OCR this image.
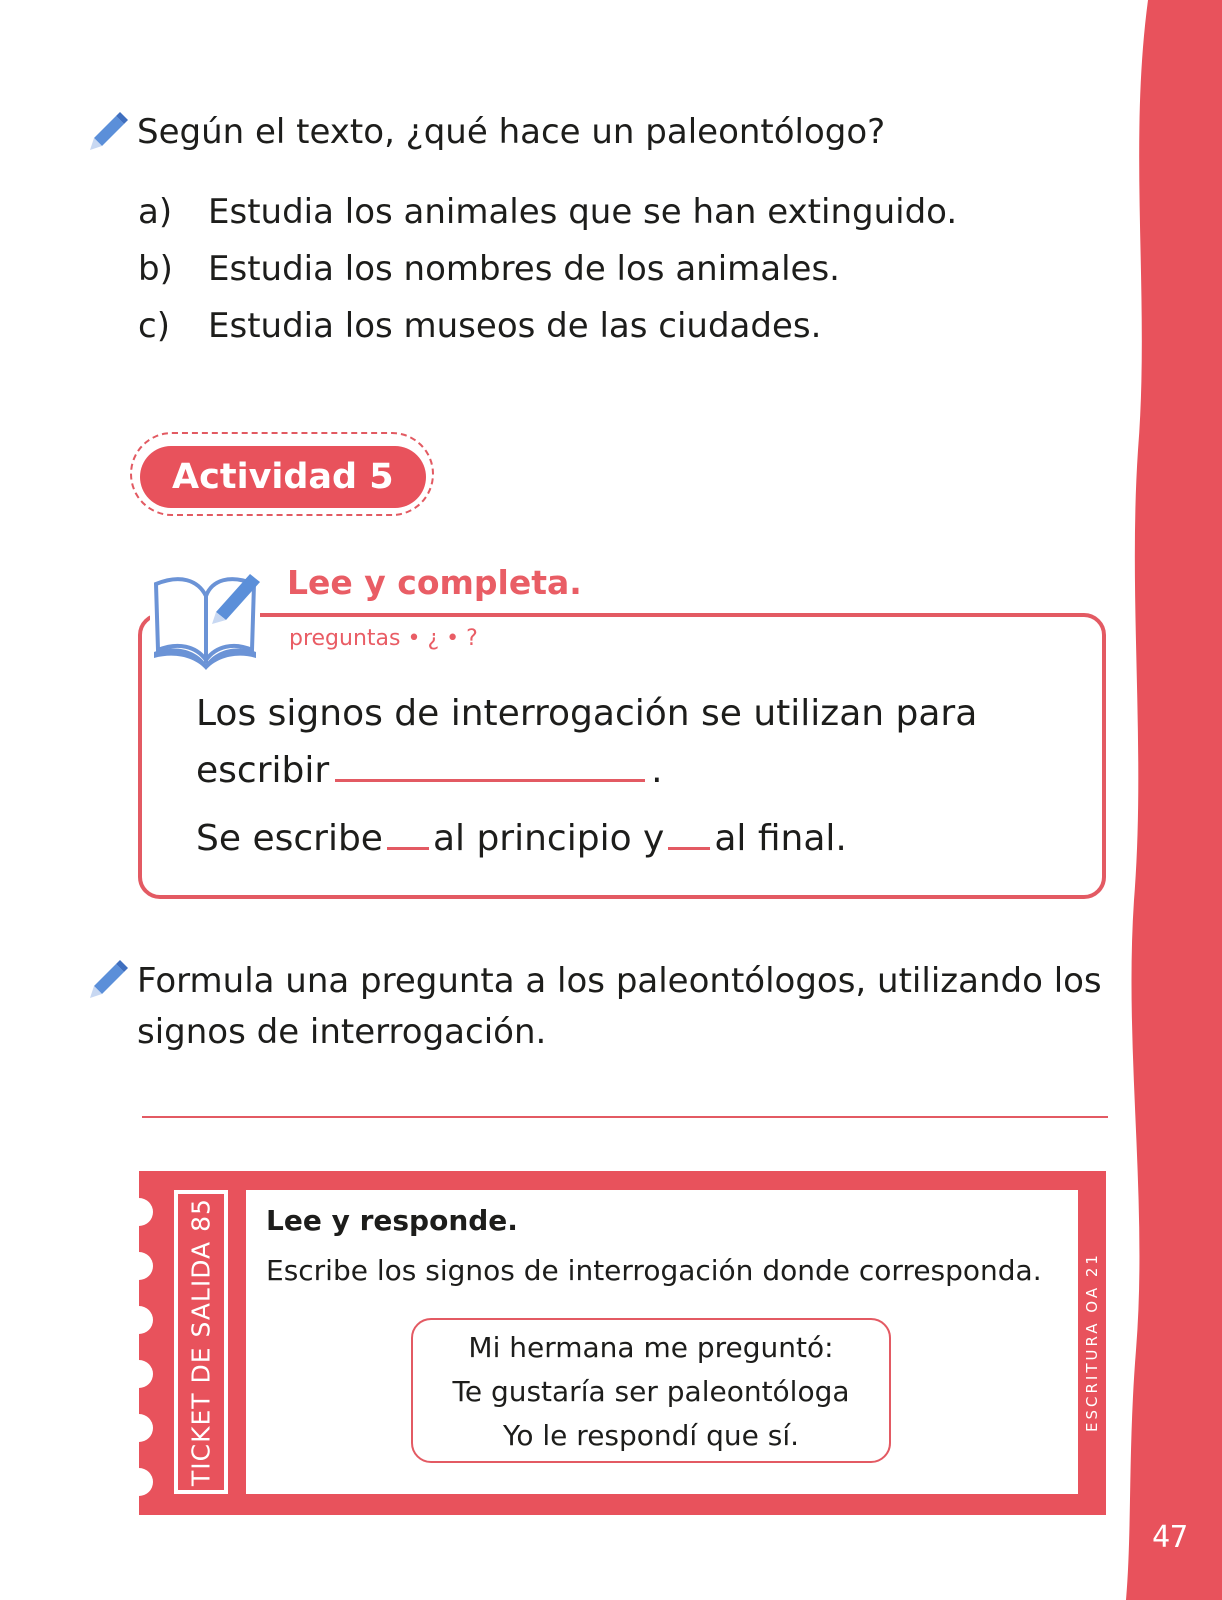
47
Según el texto, ¿qué hace un paleontólogo?
a) Estudia los animales que se han extinguido.
b) Estudia los nombres de los animales.
c) Estudia los museos de las ciudades.
Actividad 5
Lee y completa.
preguntas • ¿ • ?
Los signos de interrogación se utilizan para
escribir	.
Se escribe al principio y al final.
Formula una pregunta a los paleontólogos, utilizando los
signos de interrogación.
TICKET DE SALIDA 85	Lee y responde.
Escribe los signos de interrogación donde corresponda.
Mi hermana me preguntó:
Te gustaría ser paleontóloga
Yo le respondí que sí.
ESCRITURA OA 21
